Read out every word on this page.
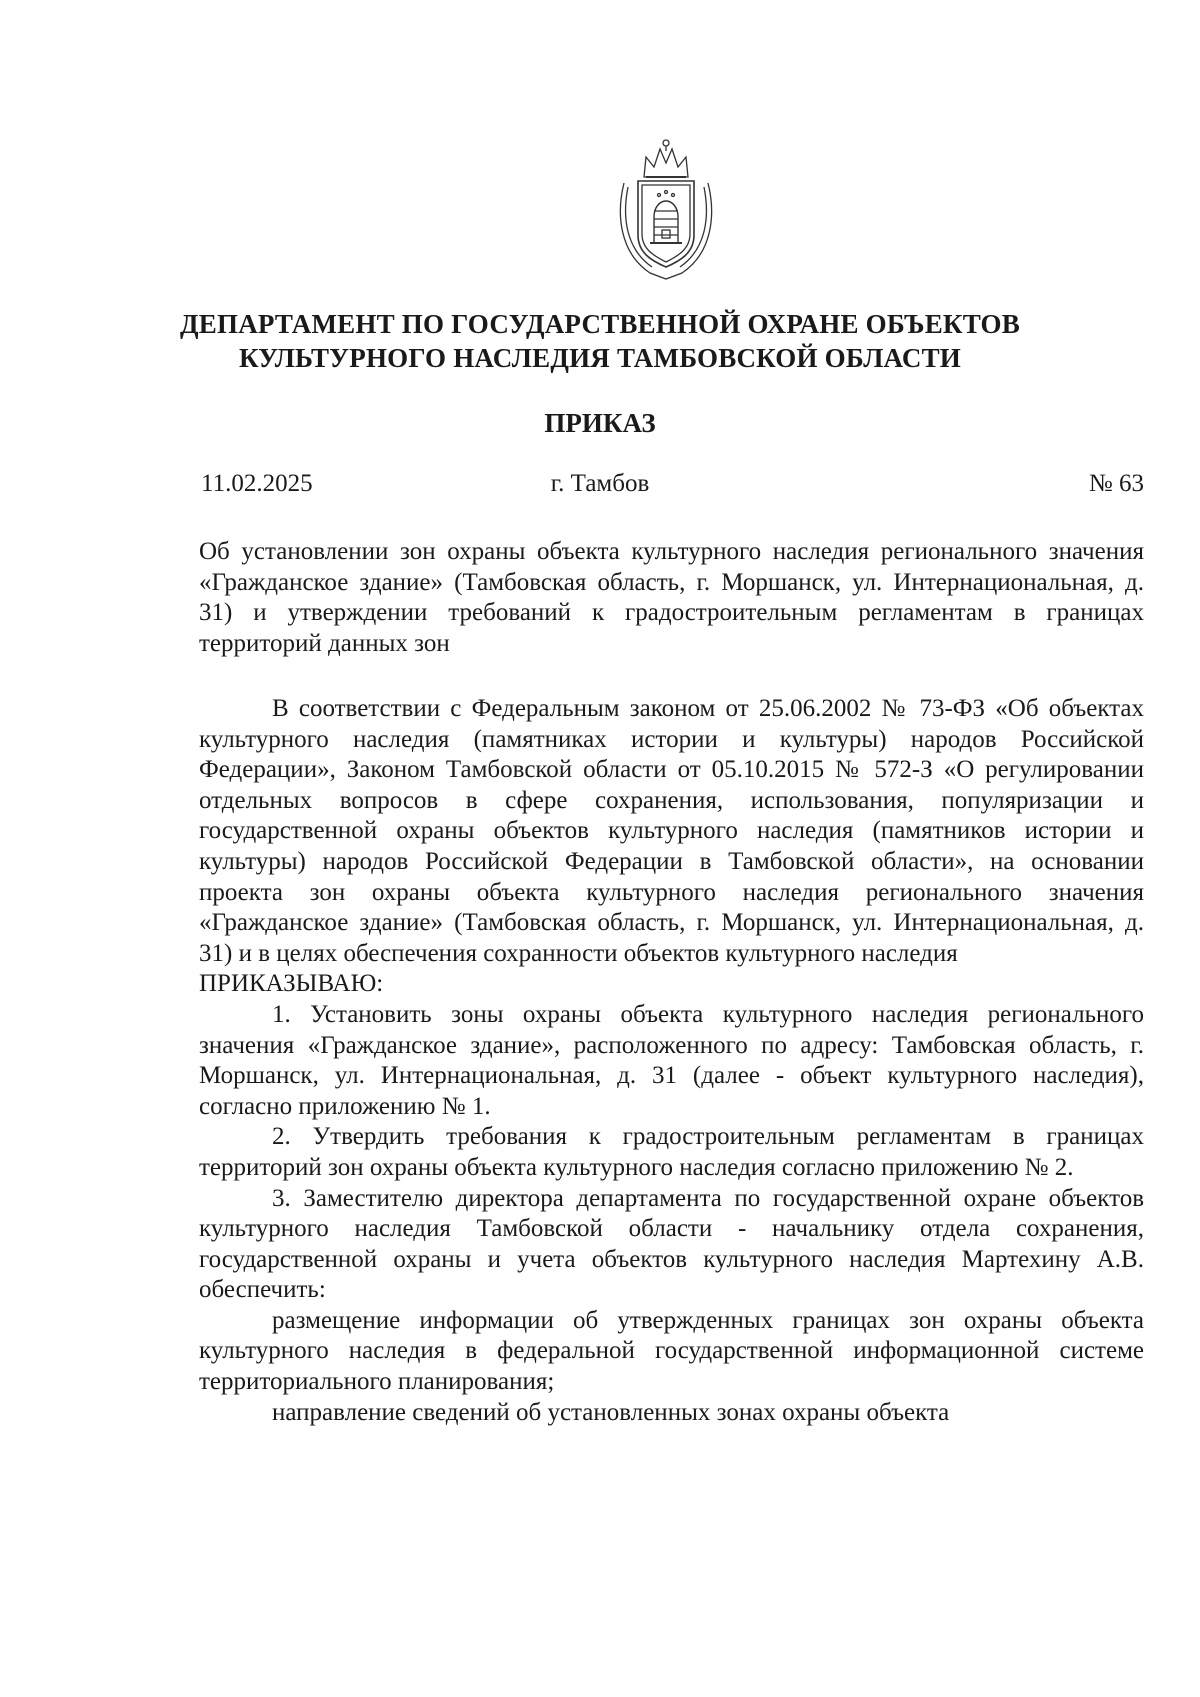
ДЕПАРТАМЕНТ ПО ГОСУДАРСТВЕННОЙ ОХРАНЕ ОБЪЕКТОВ
КУЛЬТУРНОГО НАСЛЕДИЯ ТАМБОВСКОЙ ОБЛАСТИ
ПРИКАЗ
11.02.2025	г. Тамбов	№ 63
Об установлении зон охраны объекта культурного наследия регионального значения «Гражданское здание» (Тамбовская область, г. Моршанск, ул. Интернациональная, д. 31) и утверждении требований к градостроительным регламентам в границах территорий данных зон

В соответствии с Федеральным законом от 25.06.2002 № 73-ФЗ «Об объектах культурного наследия (памятниках истории и культуры) народов Российской Федерации», Законом Тамбовской области от 05.10.2015 № 572-З «О регулировании отдельных вопросов в сфере сохранения, использования, популяризации и государственной охраны объектов культурного наследия (памятников истории и культуры) народов Российской Федерации в Тамбовской области», на основании проекта зон охраны объекта культурного наследия регионального значения «Гражданское здание» (Тамбовская область, г. Моршанск, ул. Интернациональная, д. 31) и в целях обеспечения сохранности объектов культурного наследия

ПРИКАЗЫВАЮ:

1. Установить зоны охраны объекта культурного наследия регионального значения «Гражданское здание», расположенного по адресу: Тамбовская область, г. Моршанск, ул. Интернациональная, д. 31 (далее - объект культурного наследия), согласно приложению № 1.

2. Утвердить требования к градостроительным регламентам в границах территорий зон охраны объекта культурного наследия согласно приложению № 2.

3. Заместителю директора департамента по государственной охране объектов культурного наследия Тамбовской области - начальнику отдела сохранения, государственной охраны и учета объектов культурного наследия Мартехину А.В. обеспечить:

размещение информации об утвержденных границах зон охраны объекта культурного наследия в федеральной государственной информационной системе территориального планирования;

направление сведений об установленных зонах охраны объекта
